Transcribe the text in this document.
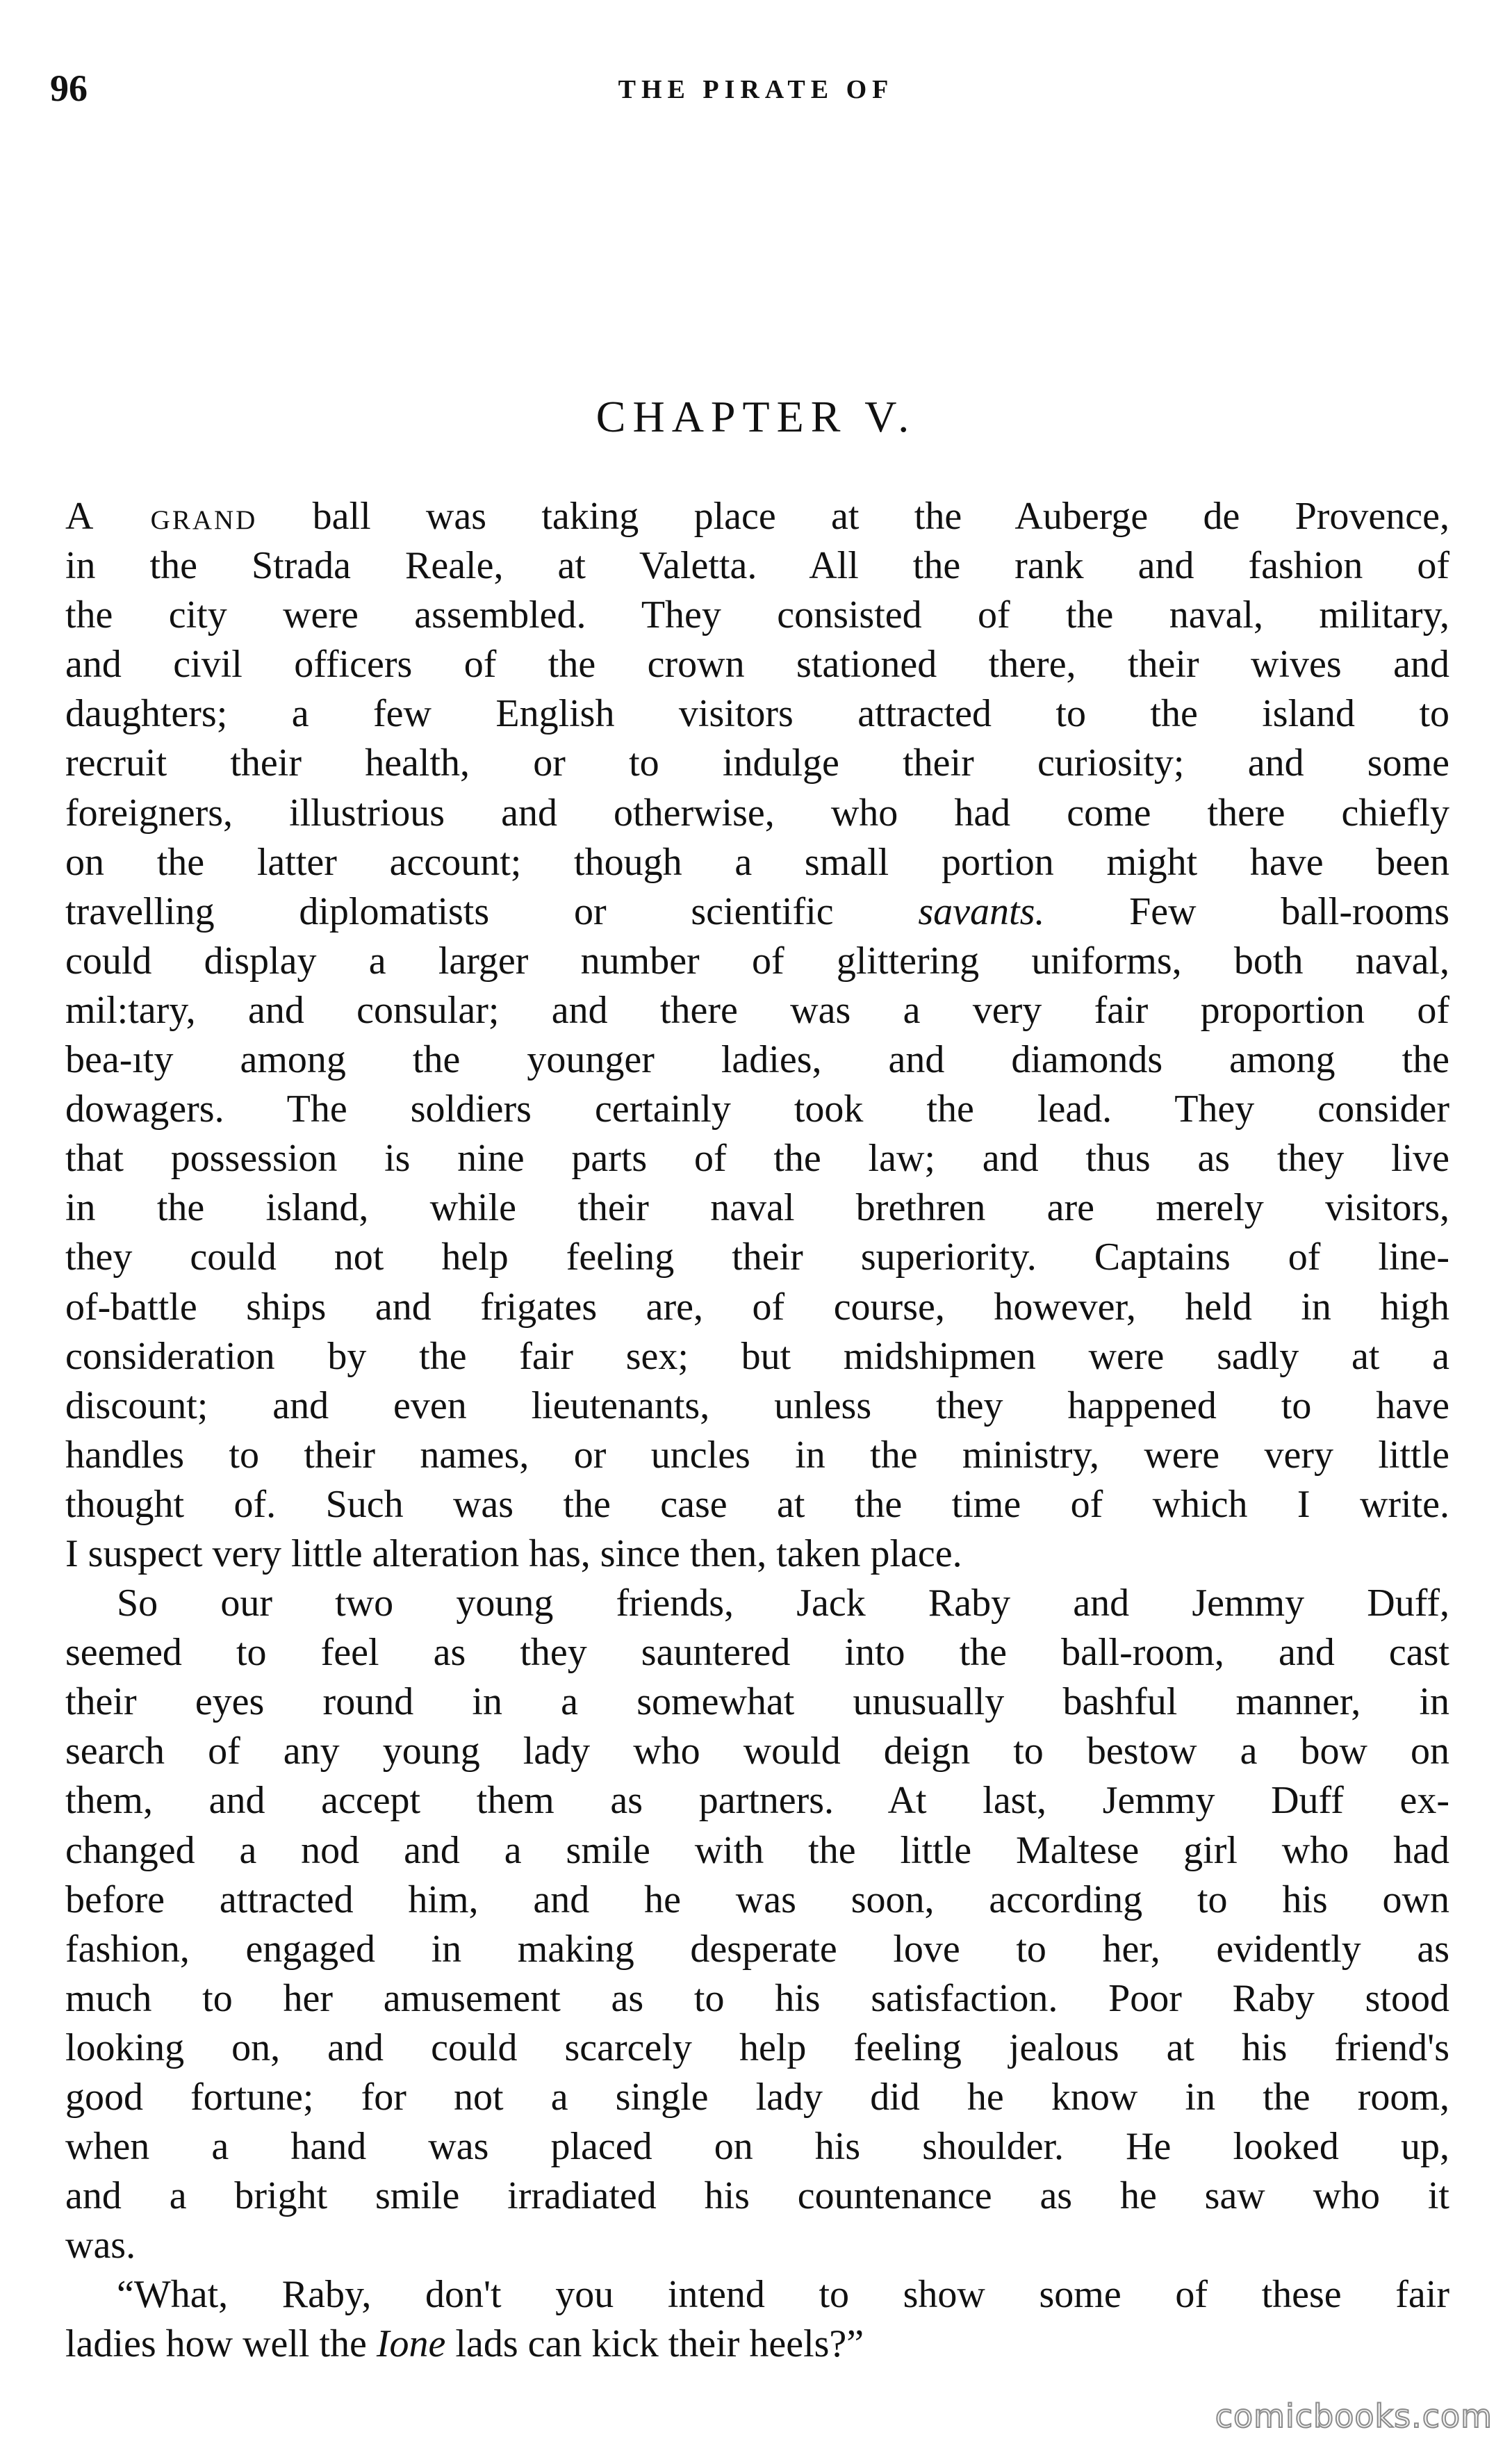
96	THE PIRATE OF
CHAPTER V.
A grand ball was taking place at the Auberge de Provence,
in the Strada Reale, at Valetta. All the rank and fashion of
the city were assembled. They consisted of the naval, military,
and civil officers of the crown stationed there, their wives and
daughters; a few English visitors attracted to the island to
recruit their health, or to indulge their curiosity; and some
foreigners, illustrious and otherwise, who had come there chiefly
on the latter account; though a small portion might have been
travelling diplomatists or scientific savants. Few ball-rooms
could display a larger number of glittering uniforms, both naval,
mil:tary, and consular; and there was a very fair proportion of
bea-ıty among the younger ladies, and diamonds among the
dowagers. The soldiers certainly took the lead. They consider
that possession is nine parts of the law; and thus as they live
in the island, while their naval brethren are merely visitors,
they could not help feeling their superiority. Captains of line-
of-battle ships and frigates are, of course, however, held in high
consideration by the fair sex; but midshipmen were sadly at a
discount; and even lieutenants, unless they happened to have
handles to their names, or uncles in the ministry, were very little
thought of. Such was the case at the time of which I write.
I suspect very little alteration has, since then, taken place.
So our two young friends, Jack Raby and Jemmy Duff,
seemed to feel as they sauntered into the ball-room, and cast
their eyes round in a somewhat unusually bashful manner, in
search of any young lady who would deign to bestow a bow on
them, and accept them as partners. At last, Jemmy Duff ex-
changed a nod and a smile with the little Maltese girl who had
before attracted him, and he was soon, according to his own
fashion, engaged in making desperate love to her, evidently as
much to her amusement as to his satisfaction. Poor Raby stood
looking on, and could scarcely help feeling jealous at his friend's
good fortune; for not a single lady did he know in the room,
when a hand was placed on his shoulder. He looked up,
and a bright smile irradiated his countenance as he saw who it
was.
“What, Raby, don't you intend to show some of these fair
ladies how well the Ione lads can kick their heels?”
comicbooks.com
